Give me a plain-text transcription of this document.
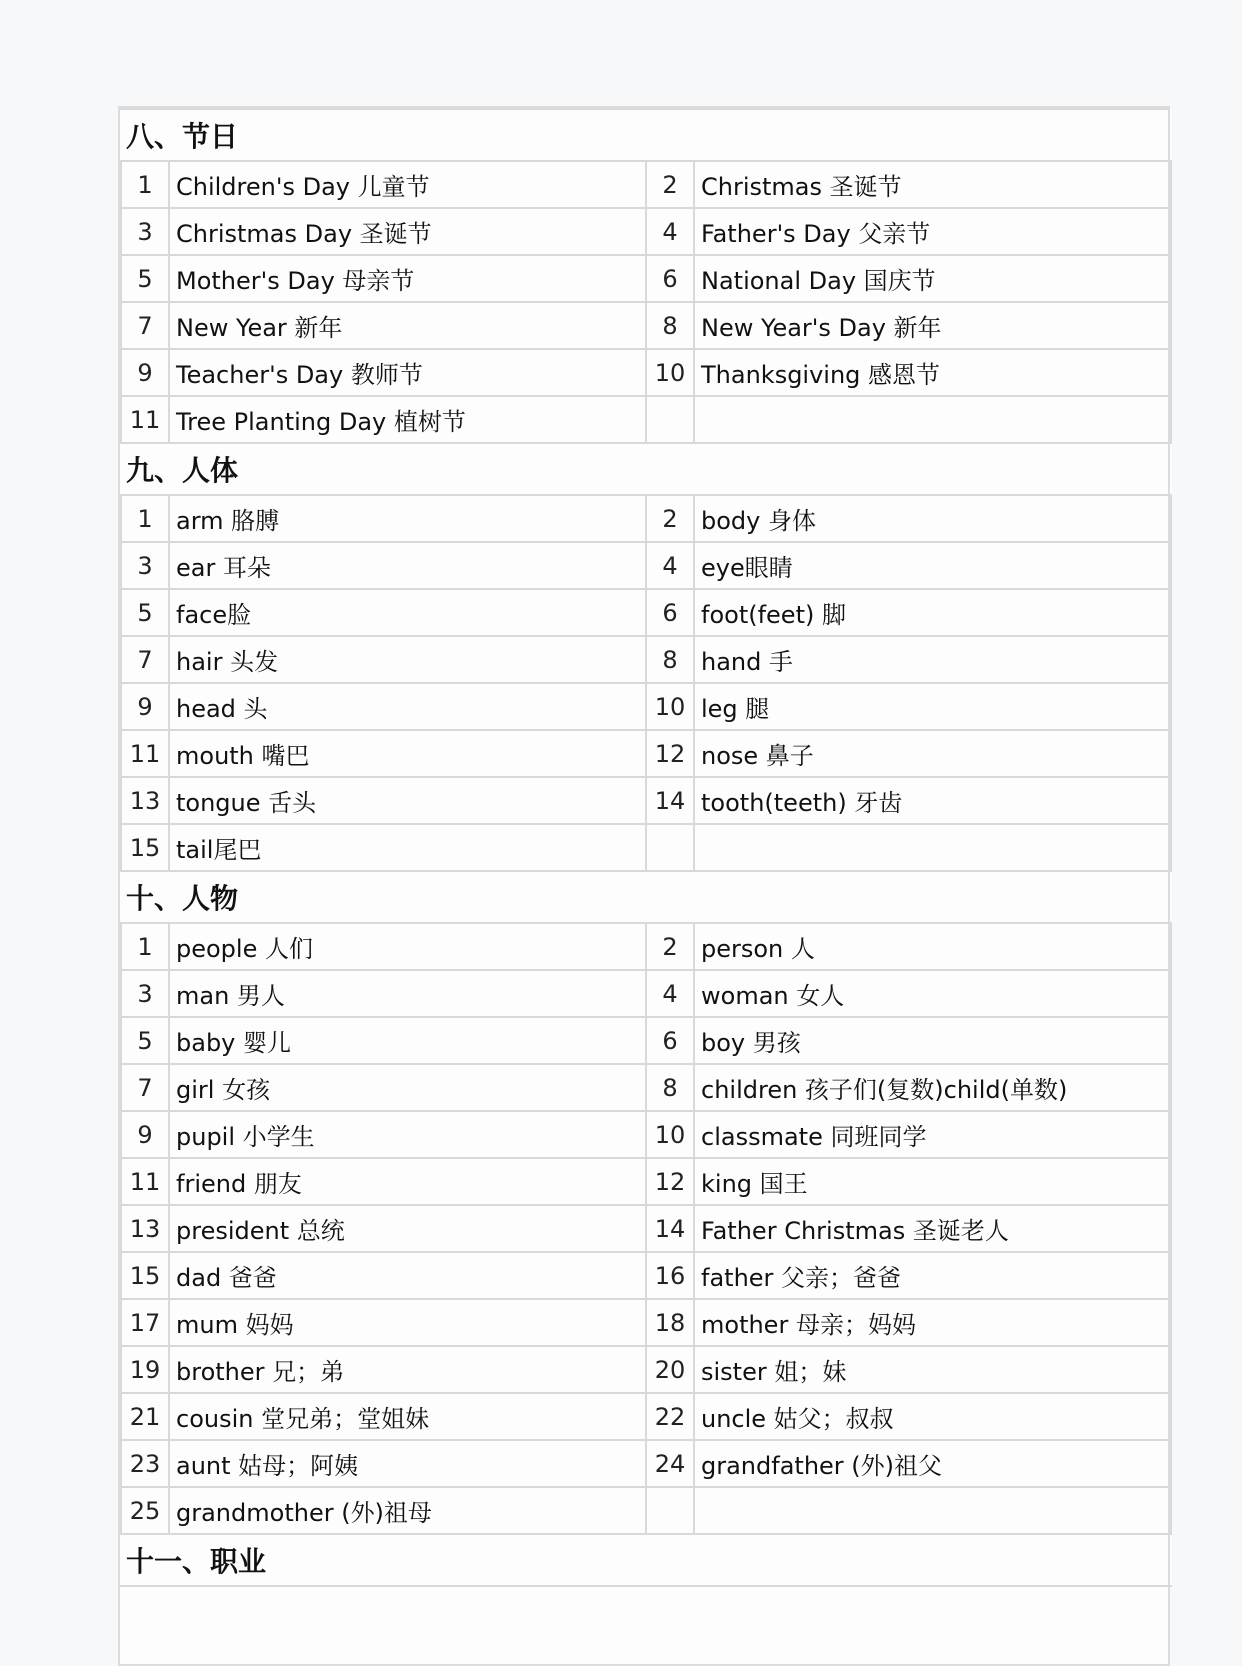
八、节日			
1	Children's Day 儿童节	2	Christmas 圣诞节
3	Christmas Day 圣诞节	4	Father's Day 父亲节
5	Mother's Day 母亲节	6	National Day 国庆节
7	New Year 新年	8	New Year's Day 新年
9	Teacher's Day 教师节	10	Thanksgiving 感恩节
11	Tree Planting Day 植树节		
九、人体			
1	arm 胳膊	2	body 身体
3	ear 耳朵	4	eye眼睛
5	face脸	6	foot(feet) 脚
7	hair 头发	8	hand 手
9	head 头	10	leg 腿
11	mouth 嘴巴	12	nose 鼻子
13	tongue 舌头	14	tooth(teeth) 牙齿
15	tail尾巴		
十、人物			
1	people 人们	2	person 人
3	man 男人	4	woman 女人
5	baby 婴儿	6	boy 男孩
7	girl 女孩	8	children 孩子们(复数)child(单数)
9	pupil 小学生	10	classmate 同班同学
11	friend 朋友	12	king 国王
13	president 总统	14	Father Christmas 圣诞老人
15	dad 爸爸	16	father 父亲；爸爸
17	mum 妈妈	18	mother 母亲；妈妈
19	brother 兄；弟	20	sister 姐；妹
21	cousin 堂兄弟；堂姐妹	22	uncle 姑父；叔叔
23	aunt 姑母；阿姨	24	grandfather (外)祖父
25	grandmother (外)祖母		
十一、职业			
